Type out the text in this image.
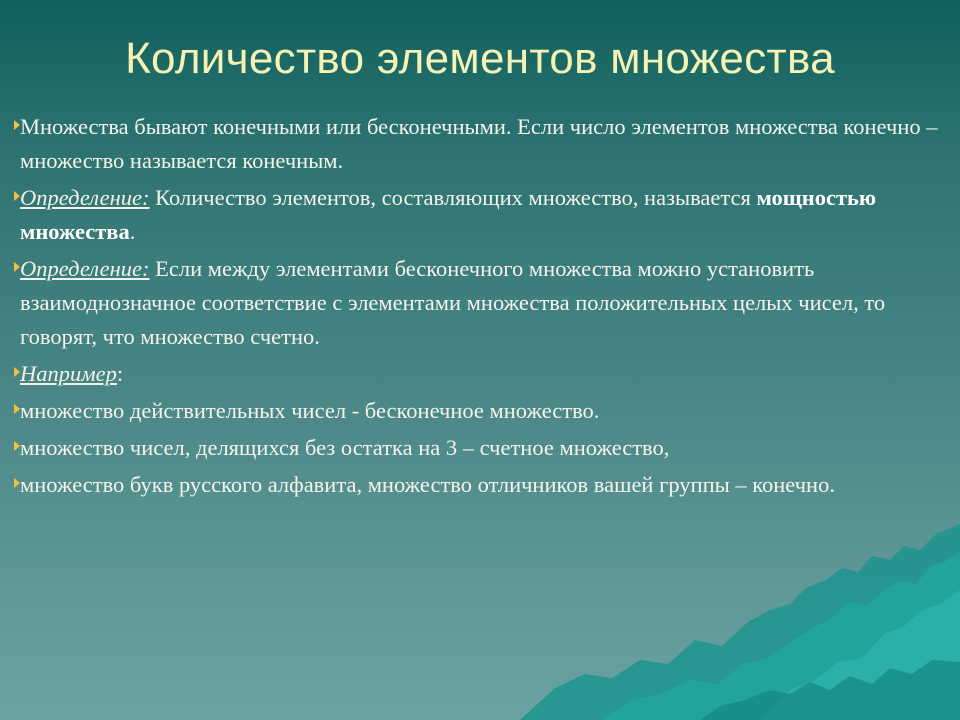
Количество элементов множества
Множества бывают конечными или бесконечными. Если число элементов множества конечно – множество называется конечным.
Определение: Количество элементов, составляющих множество, называется мощностью множества.
Определение: Если между элементами бесконечного множества можно установить взаимоднозначное соответствие с элементами множества положительных целых чисел, то говорят, что множество счетно.
Например:
множество действительных чисел - бесконечное множество.
множество чисел, делящихся без остатка на 3 – счетное множество,
множество букв русского алфавита, множество отличников вашей группы – конечно.
